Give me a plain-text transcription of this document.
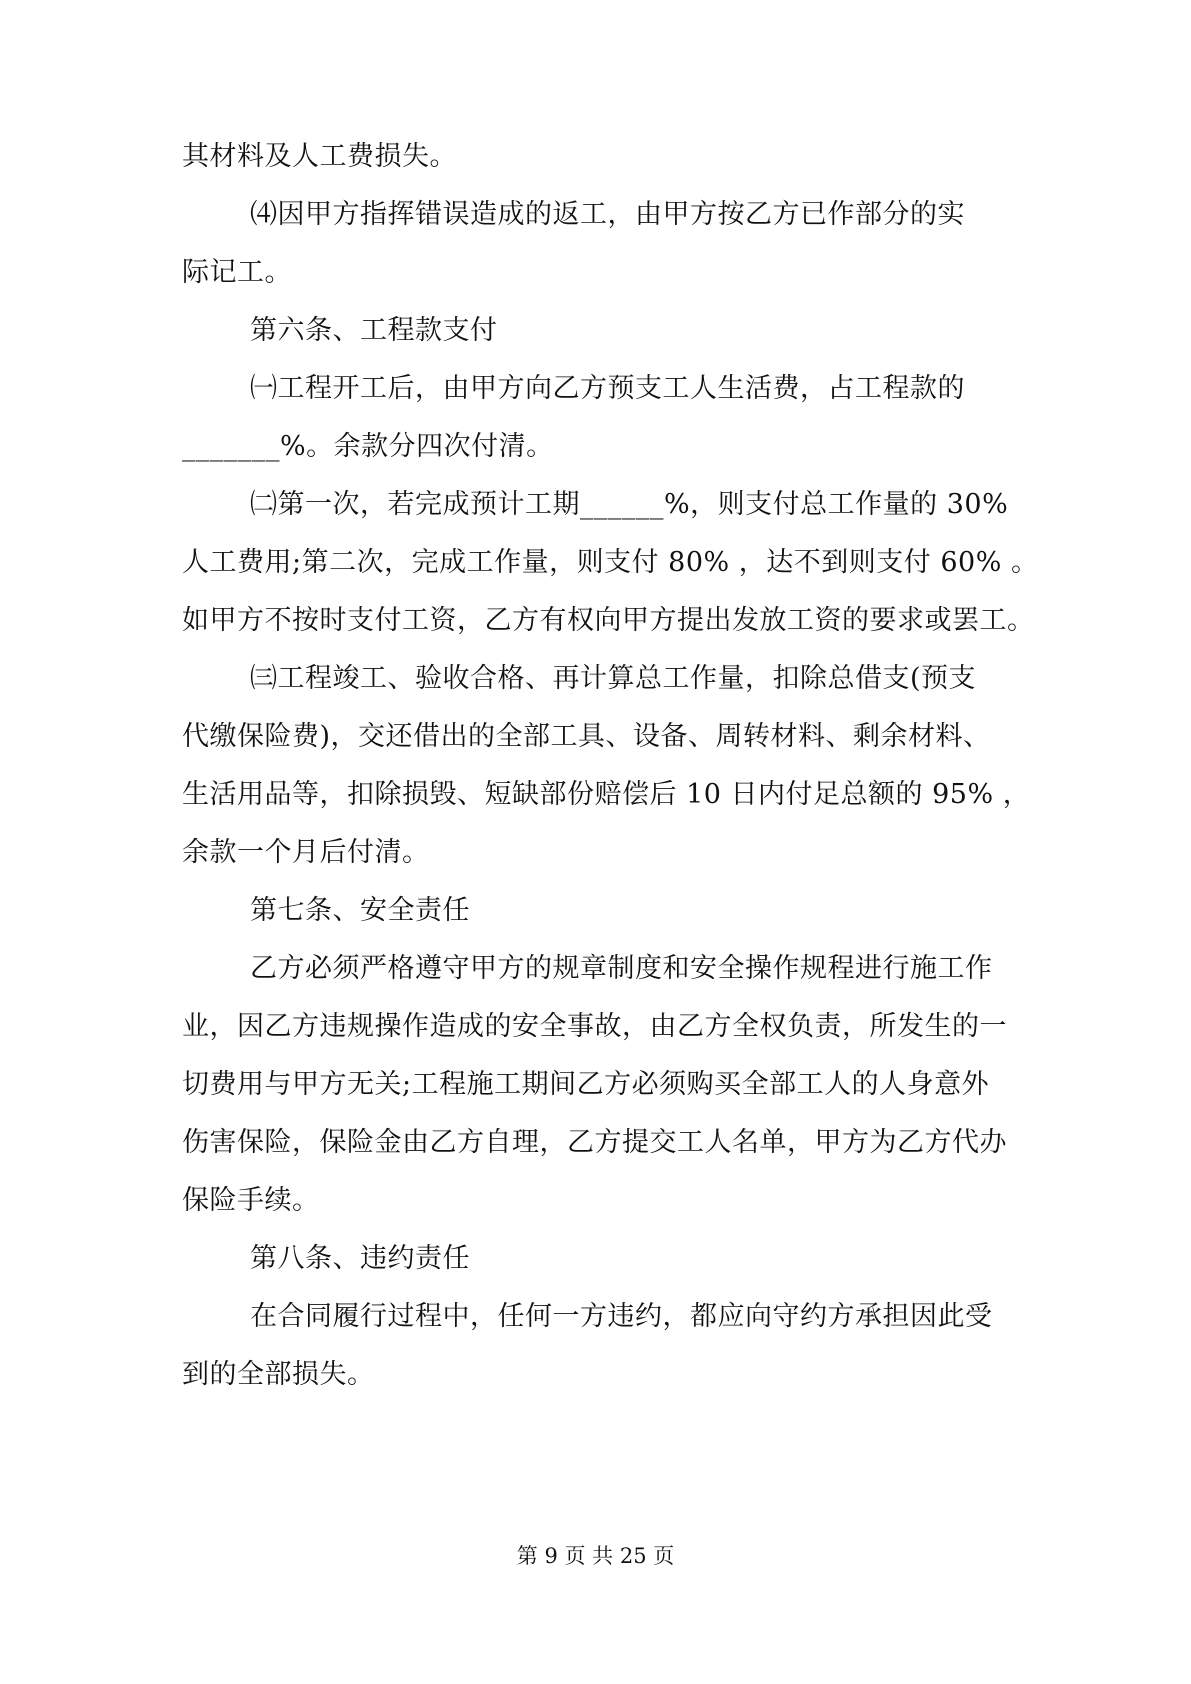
其材料及人工费损失。

⑷因甲方指挥错误造成的返工，由甲方按乙方已作部分的实

际记工。

第六条、工程款支付

㈠工程开工后，由甲方向乙方预支工人生活费，占工程款的

_______%。余款分四次付清。

㈡第一次，若完成预计工期______%，则支付总工作量的 30%

人工费用;第二次，完成工作量，则支付 80% ，达不到则支付 60% 。

如甲方不按时支付工资，乙方有权向甲方提出发放工资的要求或罢工。

㈢工程竣工、验收合格、再计算总工作量，扣除总借支(预支

代缴保险费)，交还借出的全部工具、设备、周转材料、剩余材料、

生活用品等，扣除损毁、短缺部份赔偿后 10 日内付足总额的 95% ，

余款一个月后付清。

第七条、安全责任

乙方必须严格遵守甲方的规章制度和安全操作规程进行施工作

业，因乙方违规操作造成的安全事故，由乙方全权负责，所发生的一

切费用与甲方无关;工程施工期间乙方必须购买全部工人的人身意外

伤害保险，保险金由乙方自理，乙方提交工人名单，甲方为乙方代办

保险手续。

第八条、违约责任

在合同履行过程中，任何一方违约，都应向守约方承担因此受

到的全部损失。

第 9 页 共 25 页
